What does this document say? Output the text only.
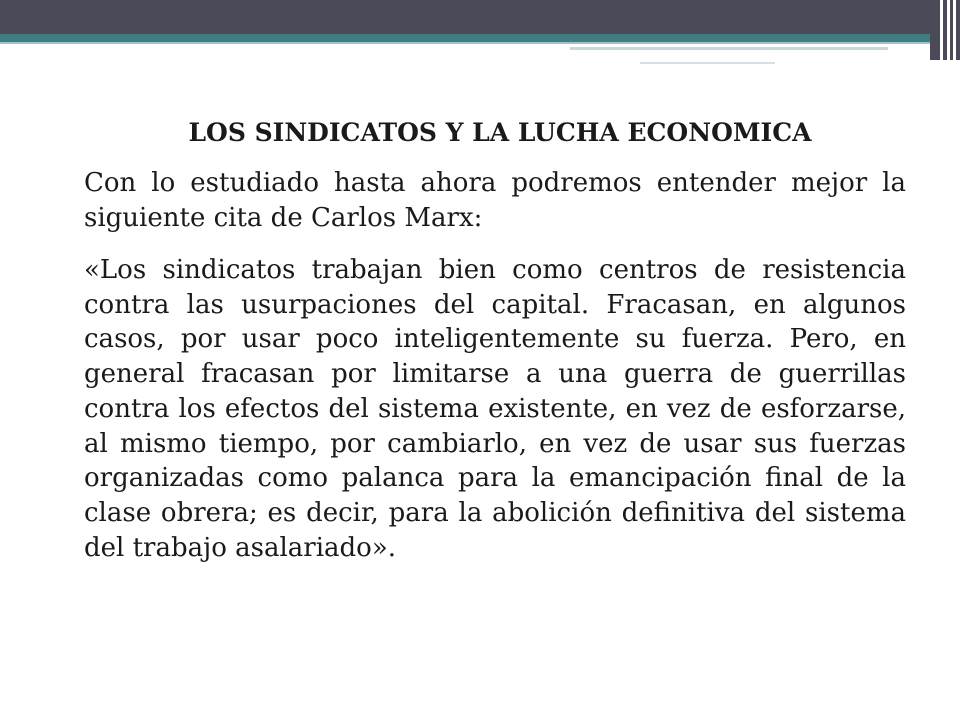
LOS SINDICATOS Y LA LUCHA ECONOMICA
Con lo estudiado hasta ahora podremos entender mejor la siguiente cita de Carlos Marx:
«Los sindicatos trabajan bien como centros de resistencia contra las usurpaciones del capital. Fracasan, en algunos casos, por usar poco inteligentemente su fuerza. Pero, en general fracasan por limitarse a una guerra de guerrillas contra los efectos del sistema existente, en vez de esforzarse, al mismo tiempo, por cambiarlo, en vez de usar sus fuerzas organizadas como palanca para la emancipación final de la clase obrera; es decir, para la abolición definitiva del sistema del trabajo asalariado».
